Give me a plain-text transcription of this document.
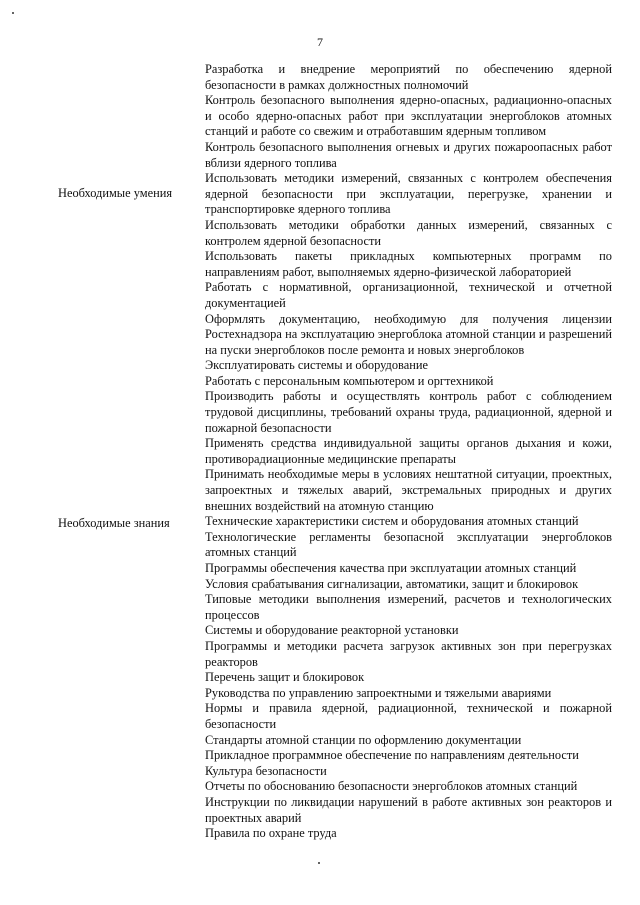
7
Необходимые умения
Необходимые знания
Разработка и внедрение мероприятий по обеспечению ядерной безопасности в рамках должностных полномочий
Контроль безопасного выполнения ядерно-опасных, радиационно-опасных и особо ядерно-опасных работ при эксплуатации энергоблоков атомных станций и работе со свежим и отработавшим ядерным топливом
Контроль безопасного выполнения огневых и других пожароопасных работ вблизи ядерного топлива
Использовать методики измерений, связанных с контролем обеспечения ядерной безопасности при эксплуатации, перегрузке, хранении и транспортировке ядерного топлива
Использовать методики обработки данных измерений, связанных с контролем ядерной безопасности
Использовать пакеты прикладных компьютерных программ по направлениям работ, выполняемых ядерно-физической лабораторией
Работать с нормативной, организационной, технической и отчетной документацией
Оформлять документацию, необходимую для получения лицензии Ростехнадзора на эксплуатацию энергоблока атомной станции и разрешений на пуски энергоблоков после ремонта и новых энергоблоков
Эксплуатировать системы и оборудование
Работать с персональным компьютером и оргтехникой
Производить работы и осуществлять контроль работ с соблюдением трудовой дисциплины, требований охраны труда, радиационной, ядерной и пожарной безопасности
Применять средства индивидуальной защиты органов дыхания и кожи, противорадиационные медицинские препараты
Принимать необходимые меры в условиях нештатной ситуации, проектных, запроектных и тяжелых аварий, экстремальных природных и других внешних воздействий на атомную станцию
Технические характеристики систем и оборудования атомных станций
Технологические регламенты безопасной эксплуатации энергоблоков атомных станций
Программы обеспечения качества при эксплуатации атомных станций
Условия срабатывания сигнализации, автоматики, защит и блокировок
Типовые методики выполнения измерений, расчетов и технологических процессов
Системы и оборудование реакторной установки
Программы и методики расчета загрузок активных зон при перегрузках реакторов
Перечень защит и блокировок
Руководства по управлению запроектными и тяжелыми авариями
Нормы и правила ядерной, радиационной, технической и пожарной безопасности
Стандарты атомной станции по оформлению документации
Прикладное программное обеспечение по направлениям деятельности
Культура безопасности
Отчеты по обоснованию безопасности энергоблоков атомных станций
Инструкции по ликвидации нарушений в работе активных зон реакторов и проектных аварий
Правила по охране труда
